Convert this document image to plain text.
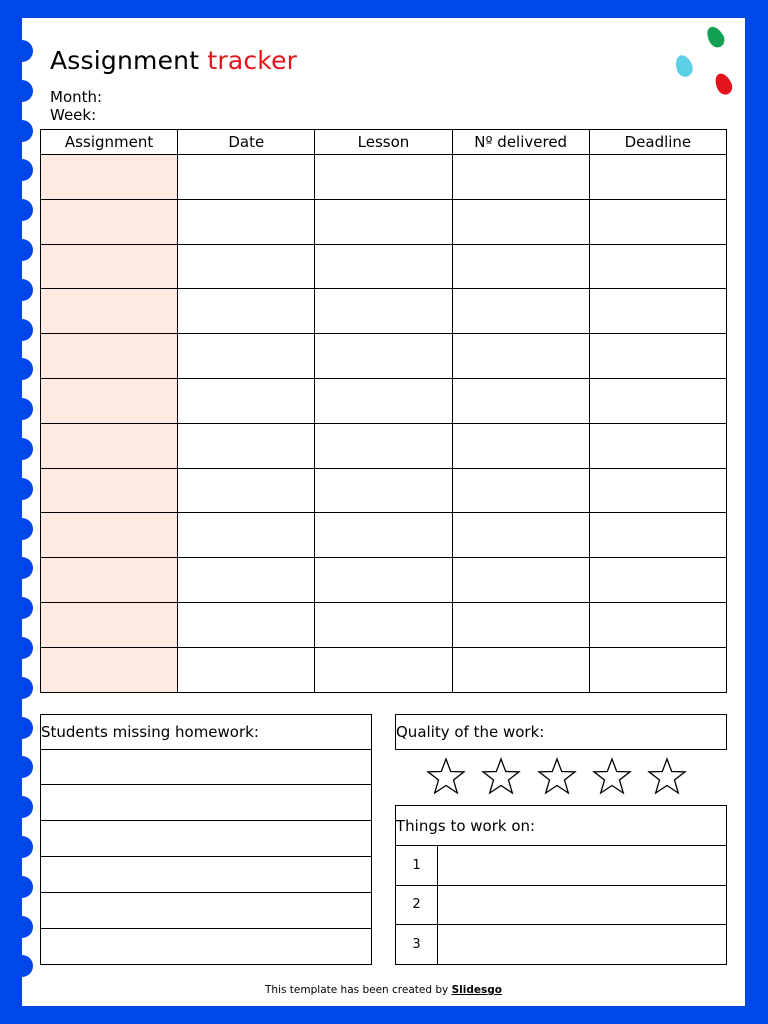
Assignment tracker
Month:
Week:
Assignment	Date	Lesson	Nº delivered	Deadline

Students missing homework:	Quality of the work:
Things to work on:
1	
2	
3	
This template has been created by Slidesgo
